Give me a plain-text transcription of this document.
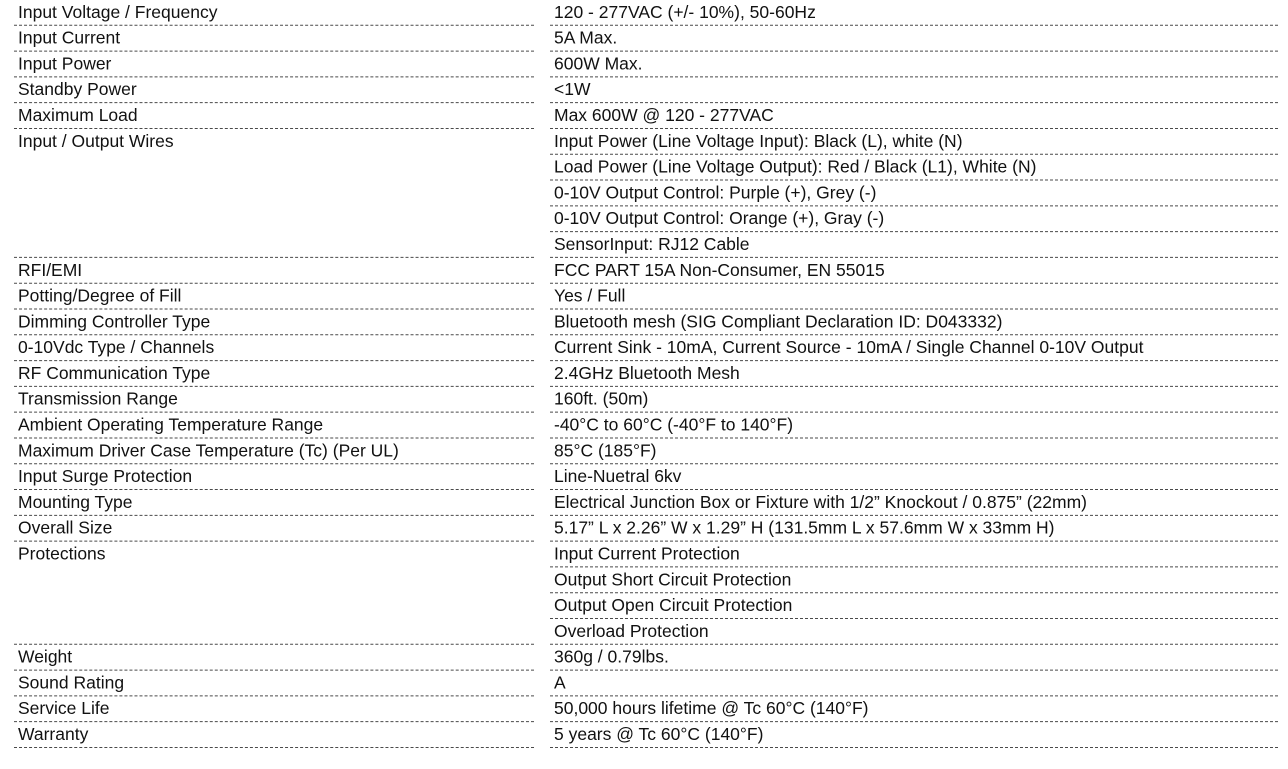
Input Voltage / Frequency	120 - 277VAC (+/- 10%), 50-60Hz
Input Current	5A Max.
Input Power	600W Max.
Standby Power	<1W
Maximum Load	Max 600W @ 120 - 277VAC
Input / Output Wires	Input Power (Line Voltage Input): Black (L), white (N)
Load Power (Line Voltage Output): Red / Black (L1), White (N)
0-10V Output Control: Purple (+), Grey (-)
0-10V Output Control: Orange (+), Gray (-)
SensorInput: RJ12 Cable
RFI/EMI	FCC PART 15A Non-Consumer, EN 55015
Potting/Degree of Fill	Yes / Full
Dimming Controller Type	Bluetooth mesh (SIG Compliant Declaration ID: D043332)
0-10Vdc Type / Channels	Current Sink - 10mA, Current Source - 10mA / Single Channel 0-10V Output
RF Communication Type	2.4GHz Bluetooth Mesh
Transmission Range	160ft. (50m)
Ambient Operating Temperature Range	-40°C to 60°C (-40°F to 140°F)
Maximum Driver Case Temperature (Tc) (Per UL)	85°C (185°F)
Input Surge Protection	Line-Nuetral 6kv
Mounting Type	Electrical Junction Box or Fixture with 1/2” Knockout / 0.875” (22mm)
Overall Size	5.17” L x 2.26” W x 1.29” H (131.5mm L x 57.6mm W x 33mm H)
Protections	Input Current Protection
Output Short Circuit Protection
Output Open Circuit Protection
Overload Protection
Weight	360g / 0.79lbs.
Sound Rating	A
Service Life	50,000 hours lifetime @ Tc 60°C (140°F)
Warranty	5 years @ Tc 60°C (140°F)
